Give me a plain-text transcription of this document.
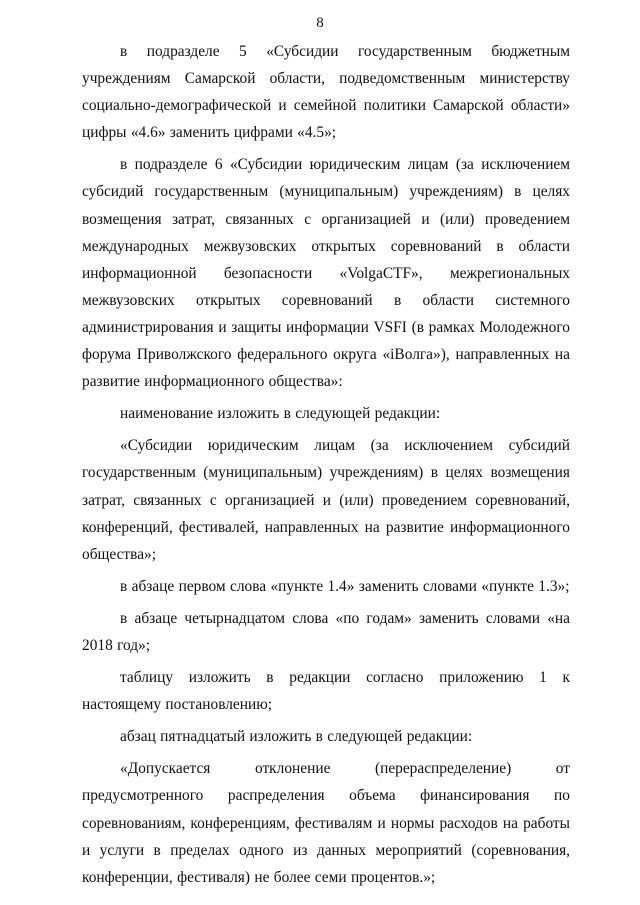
8

в подразделе 5 «Субсидии государственным бюджетным учреждениям Самарской области, подведомственным министерству социально-демографической и семейной политики Самарской области» цифры «4.6» заменить цифрами «4.5»;

в подразделе 6 «Субсидии юридическим лицам (за исключением субсидий государственным (муниципальным) учреждениям) в целях возмещения затрат, связанных с организацией и (или) проведением международных межвузовских открытых соревнований в области информационной безопасности «VolgaCTF», межрегиональных межвузовских открытых соревнований в области системного администрирования и защиты информации VSFI (в рамках Молодежного форума Приволжского федерального округа «iВолга»), направленных на развитие информационного общества»:

наименование изложить в следующей редакции:

«Субсидии юридическим лицам (за исключением субсидий государственным (муниципальным) учреждениям) в целях возмещения затрат, связанных с организацией и (или) проведением соревнований, конференций, фестивалей, направленных на развитие информационного общества»;

в абзаце первом слова «пункте 1.4» заменить словами «пункте 1.3»;

в абзаце четырнадцатом слова «по годам» заменить словами «на 2018 год»;

таблицу изложить в редакции согласно приложению 1 к настоящему постановлению;

абзац пятнадцатый изложить в следующей редакции:

«Допускается отклонение (перераспределение) от предусмотренного распределения объема финансирования по соревнованиям, конференциям, фестивалям и нормы расходов на работы и услуги в пределах одного из данных мероприятий (соревнования, конференции, фестиваля) не более семи процентов.»;
